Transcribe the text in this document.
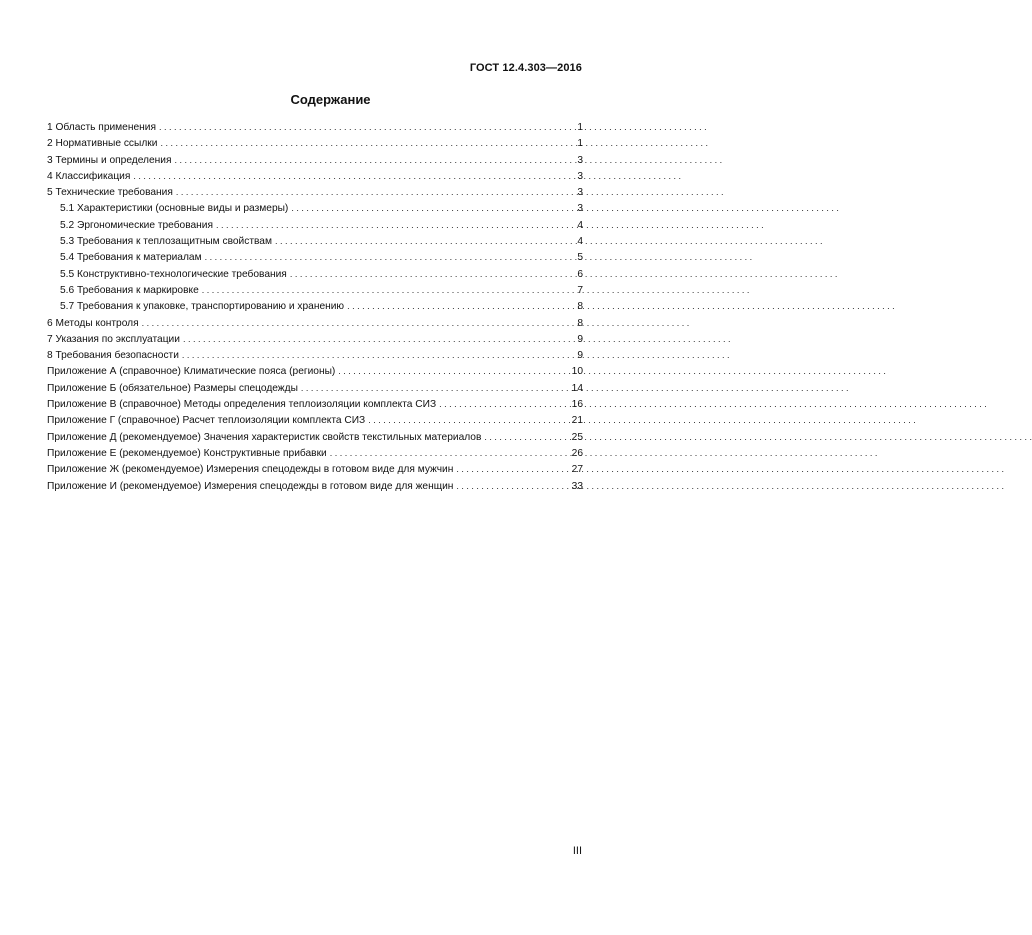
ГОСТ 12.4.303—2016
Содержание
1 Область применения . . .	1
2 Нормативные ссылки . . .	1
3 Термины и определения . . .	3
4 Классификация . . .	3
5 Технические требования . . .	3
5.1 Характеристики (основные виды и размеры) . . .	3
5.2 Эргономические требования . . .	4
5.3 Требования к теплозащитным свойствам . . .	4
5.4 Требования к материалам . . .	5
5.5 Конструктивно-технологические требования . . .	6
5.6 Требования к маркировке . . .	7
5.7 Требования к упаковке, транспортированию и хранению . . .	8
6 Методы контроля . . .	8
7 Указания по эксплуатации . . .	9
8 Требования безопасности . . .	9
Приложение А (справочное) Климатические пояса (регионы) . . .	10
Приложение Б (обязательное) Размеры спецодежды . . .	14
Приложение В (справочное) Методы определения теплоизоляции комплекта СИЗ . . .	16
Приложение Г (справочное) Расчет теплоизоляции комплекта СИЗ . . .	21
Приложение Д (рекомендуемое) Значения характеристик свойств текстильных материалов . . .	25
Приложение Е (рекомендуемое) Конструктивные прибавки . . .	26
Приложение Ж (рекомендуемое) Измерения спецодежды в готовом виде для мужчин . . .	27
Приложение И (рекомендуемое) Измерения спецодежды в готовом виде для женщин . . .	33
III
